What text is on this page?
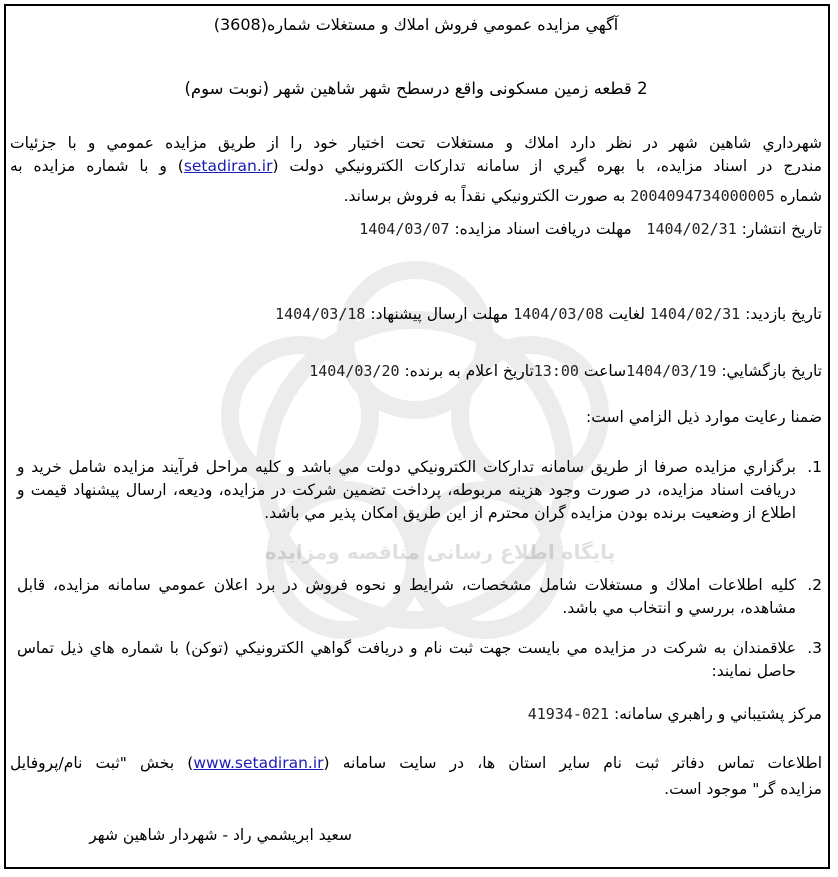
پایگاه اطلاع رسانی مناقصه ومزایده
آگهي مزايده عمومي فروش املاك و مستغلات شماره(3608)
2 قطعه زمین مسکونی واقع درسطح شهر شاهين شهر (نوبت سوم)
شهرداري شاهين شهر در نظر دارد املاك و مستغلات تحت اختيار خود را از طريق مزايده عمومي و با جزئيات
مندرج در اسناد مزايده، با بهره گيري از سامانه تداركات الكترونيكي دولت (setadiran.ir) و با شماره مزايده به
شماره 2004094734000005 به صورت الكترونيكي نقداً به فروش برساند.
تاريخ انتشار: 1404/02/31   مهلت دريافت اسناد مزايده: 1404/03/07
تاريخ بازديد: 1404/02/31 لغايت 1404/03/08 مهلت ارسال پيشنهاد: 1404/03/18
تاريخ بازگشايي: 1404/03/19ساعت 13:00تاريخ اعلام به برنده: 1404/03/20
ضمنا رعايت موارد ذيل الزامي است:
1.
برگزاري مزايده صرفا از طريق سامانه تداركات الكترونيكي دولت مي باشد و كليه مراحل فرآيند مزايده شامل خريد و دريافت اسناد مزايده، در صورت وجود هزينه مربوطه، پرداخت تضمين شركت در مزايده، وديعه، ارسال پيشنهاد قيمت و اطلاع از وضعيت برنده بودن مزايده گران محترم از اين طريق امكان پذير مي باشد.
2.
كليه اطلاعات املاك و مستغلات شامل مشخصات، شرايط و نحوه فروش در برد اعلان عمومي سامانه مزايده، قابل مشاهده، بررسي و انتخاب مي باشد.
3.
علاقمندان به شركت در مزايده مي بايست جهت ثبت نام و دريافت گواهي الكترونيكي (توكن) با شماره هاي ذيل تماس حاصل نمايند:
مركز پشتيباني و راهبري سامانه: 021-41934
اطلاعات تماس دفاتر ثبت نام ساير استان ها، در سايت سامانه (www.setadiran.ir) بخش "ثبت نام/پروفايل
مزايده گر" موجود است.
سعيد ابريشمي راد - شهردار شاهين شهر
